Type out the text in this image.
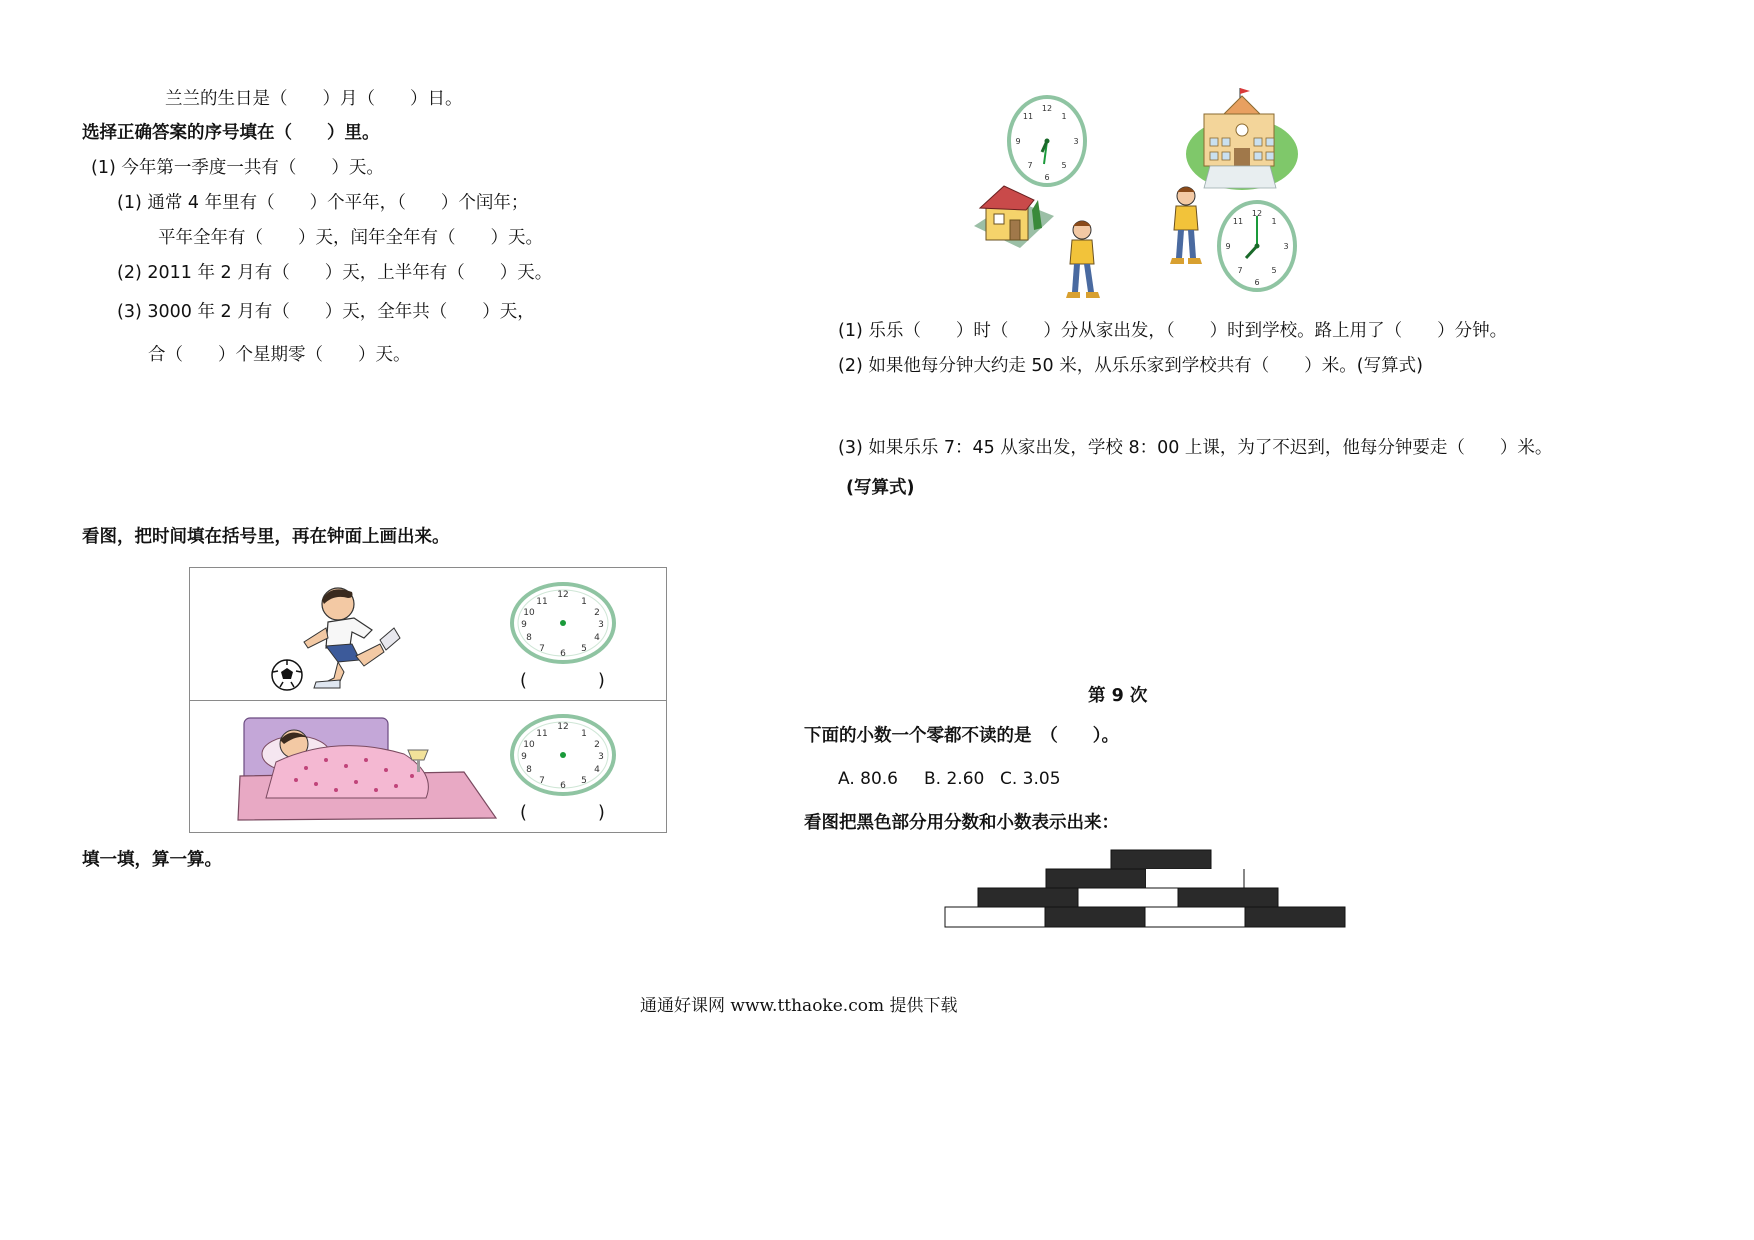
兰兰的生日是（　　）月（　　）日。
选择正确答案的序号填在（　　）里。
(1) 今年第一季度一共有（　　）天。
(1) 通常 4 年里有（　　）个平年，（　　）个闰年；
平年全年有（　　）天，闰年全年有（　　）天。
(2) 2011 年 2 月有（　　）天，上半年有（　　）天。
(3) 3000 年 2 月有（　　）天，全年共（　　）天，
合（　　）个星期零（　　）天。
看图，把时间填在括号里，再在钟面上画出来。
12
1
2
3
4
5
6
7
8
9
10
11
(	)
12
1
2
3
4
5
6
7
8
9
10
11
(	)
填一填，算一算。
12
3
6
9
1
11
5
7
12
3
6
9
1
11
5
7
(1) 乐乐（　　）时（　　）分从家出发，（　　）时到学校。路上用了（　　）分钟。
(2) 如果他每分钟大约走 50 米，从乐乐家到学校共有（　　）米。(写算式)
(3) 如果乐乐 7：45 从家出发，学校 8：00 上课，为了不迟到，他每分钟要走（　　）米。
(写算式)
第 9 次
下面的小数一个零都不读的是　（　　）。
A. 80.6 B. 2.60 C. 3.05
看图把黑色部分用分数和小数表示出来：
通通好课网 www.tthaoke.com 提供下载
